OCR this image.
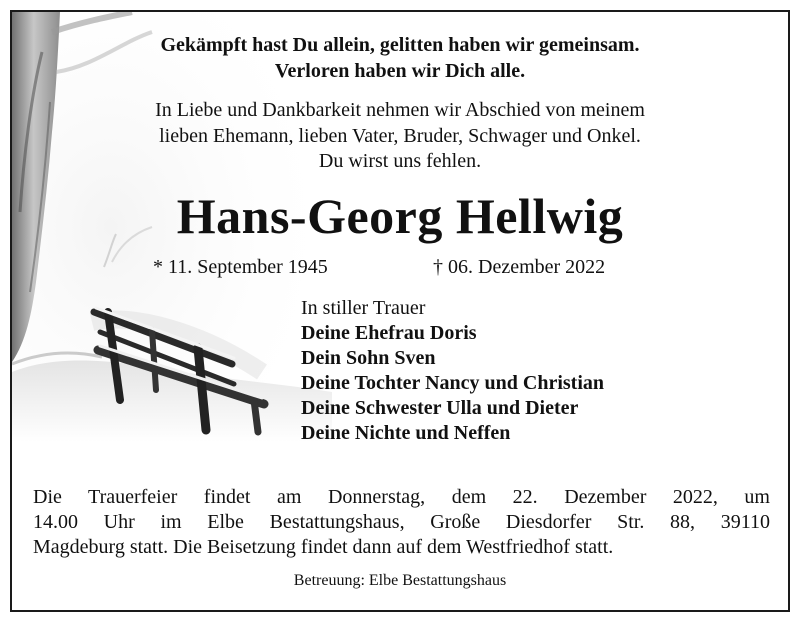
Gekämpft hast Du allein, gelitten haben wir gemeinsam.
Verloren haben wir Dich alle.
In Liebe und Dankbarkeit nehmen wir Abschied von meinem
lieben Ehemann, lieben Vater, Bruder, Schwager und Onkel.
Du wirst uns fehlen.
Hans-Georg Hellwig
* 11. September 1945	† 06. Dezember 2022
In stiller Trauer
Deine Ehefrau Doris
Dein Sohn Sven
Deine Tochter Nancy und Christian
Deine Schwester Ulla und Dieter
Deine Nichte und Neffen
Die Trauerfeier findet am Donnerstag, dem 22. Dezember 2022, um
14.00 Uhr im Elbe Bestattungshaus, Große Diesdorfer Str. 88, 39110
Magdeburg statt. Die Beisetzung findet dann auf dem Westfriedhof statt.
Betreuung: Elbe Bestattungshaus
